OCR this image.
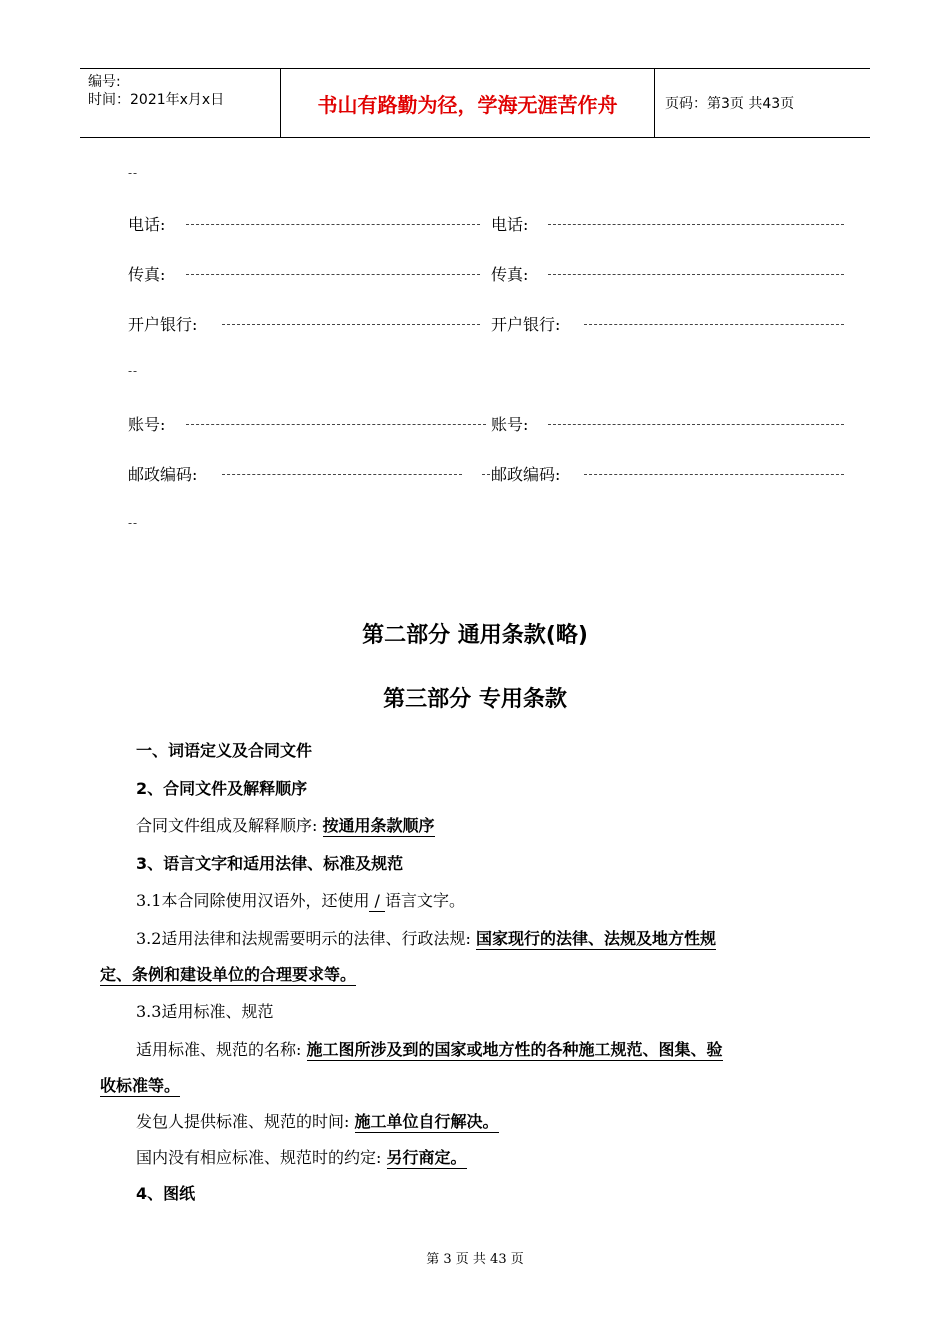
编号:
时间：2021年x月x日	书山有路勤为径，学海无涯苦作舟	页码：第3页 共43页
--
电话:	电话:
传真:	传真:
开户银行:	开户银行:
--
账号:	账号:
邮政编码:	邮政编码:
--
第二部分 通用条款(略)
第三部分 专用条款
一、词语定义及合同文件
2、合同文件及解释顺序
合同文件组成及解释顺序: 按通用条款顺序
3、语言文字和适用法律、标准及规范
3.1本合同除使用汉语外，还使用 / 语言文字。
3.2适用法律和法规需要明示的法律、行政法规: 国家现行的法律、法规及地方性规
定、条例和建设单位的合理要求等。
3.3适用标准、规范
适用标准、规范的名称: 施工图所涉及到的国家或地方性的各种施工规范、图集、验
收标准等。
发包人提供标准、规范的时间: 施工单位自行解决。
国内没有相应标准、规范时的约定: 另行商定。
4、图纸
第 3 页 共 43 页
